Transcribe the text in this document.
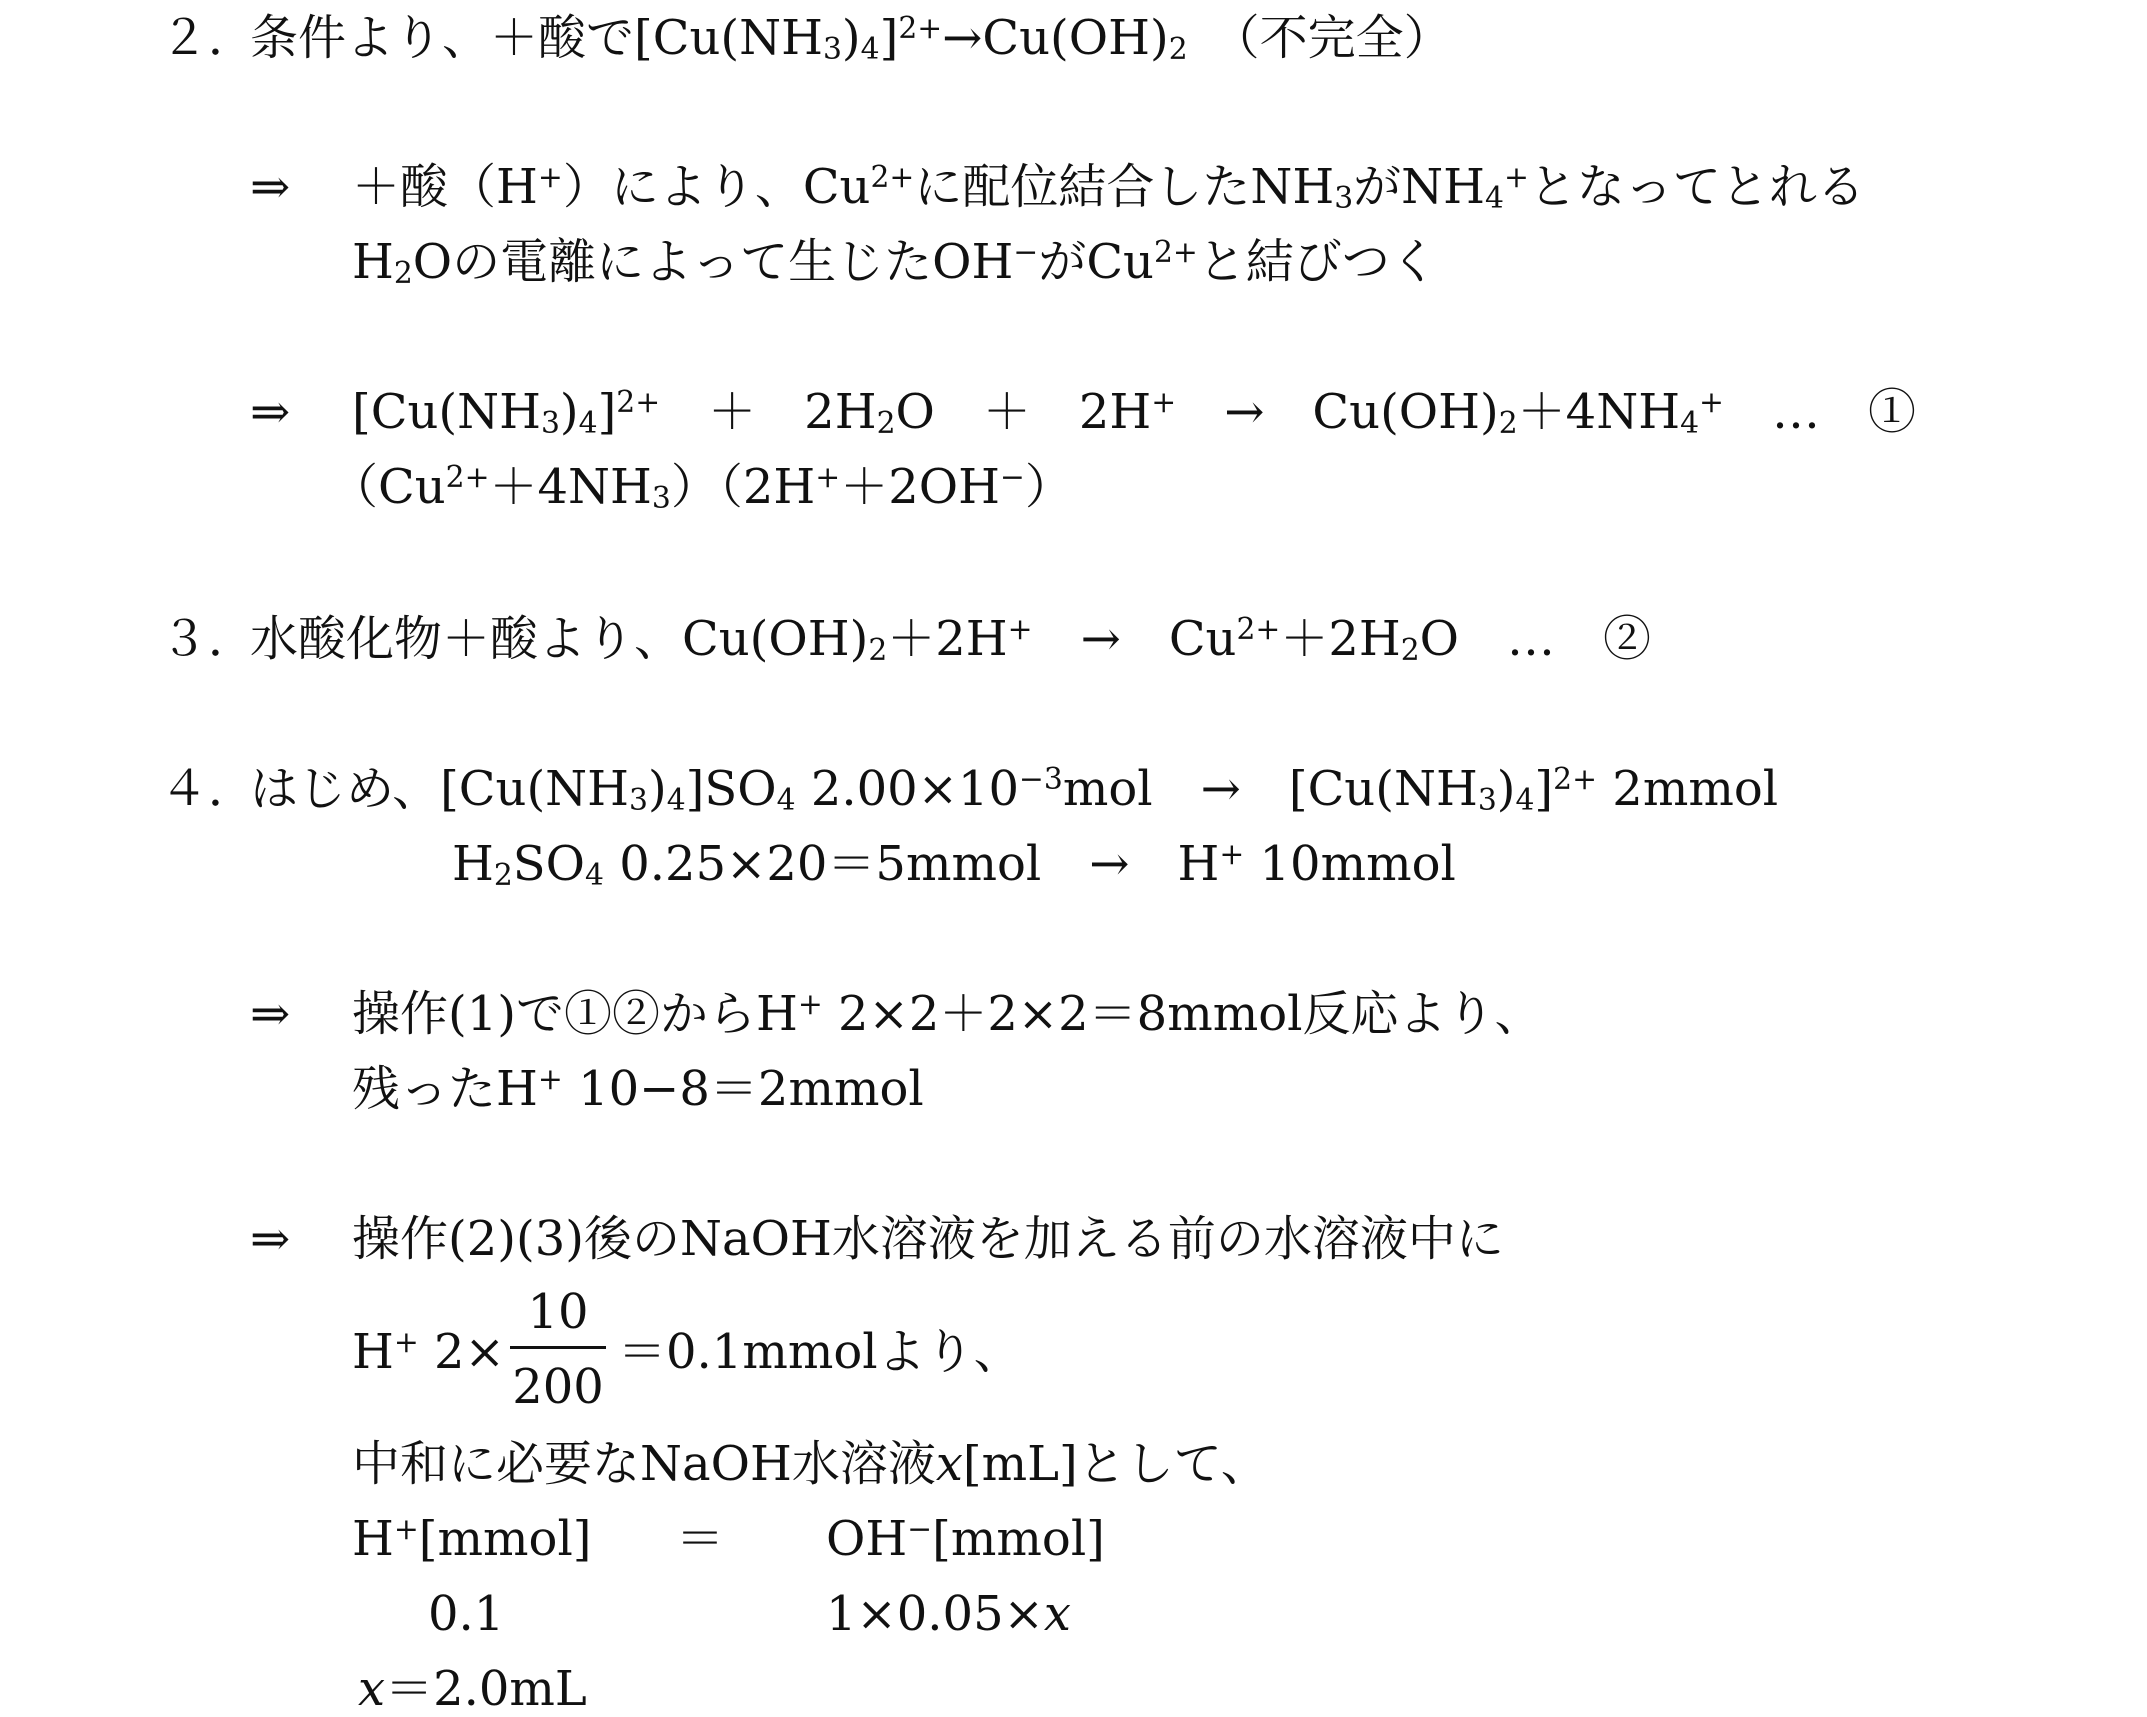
２．
条件より、＋酸で$[Cu(NH_3)_4]^{2+}\to Cu(OH)_2$　（不完全）
⇒ ＋酸（H+）により、$Cu^{2+}$に配位結合した$NH_3$が$NH_4^+$となってとれる
$H_2O$の電離によって生じたOH−が$Cu^{2+}$と結びつく
⇒ $[Cu(NH_3)_4]^{2+}$　＋　$2H_2O$　＋　2H+　→　$Cu(OH)_2+4NH_4^+$　…　①
$(Cu^{2+}+4NH_3)(2H^++2OH^-)$
３．
水酸化物＋酸より、$Cu(OH)_2+2H^+$　→　$Cu^{2+}+2H_2O$　…　②
４．
はじめ、$[Cu(NH_3)_4]SO_4$ $2.00\times 10^{-3}mol$　→　$[Cu(NH_3)_4]^{2+}$ 2mmol
$H_2SO_4$ 0.25×20＝5mmol　→　H+ 10mmol
⇒ 操作(1)で①②からH+ 2×2＋2×2＝8mmol反応より、
残ったH+ 10−8＝2mmol
⇒ 操作(2)(3)後のNaOH水溶液を加える前の水溶液中に
H+ 2×
10
200
＝0.1mmolより、
中和に必要なNaOH水溶液x[mL]として、
H+[mmol] ＝ OH−[mmol]
0.1	1×0.05×x
x＝2.0mL
